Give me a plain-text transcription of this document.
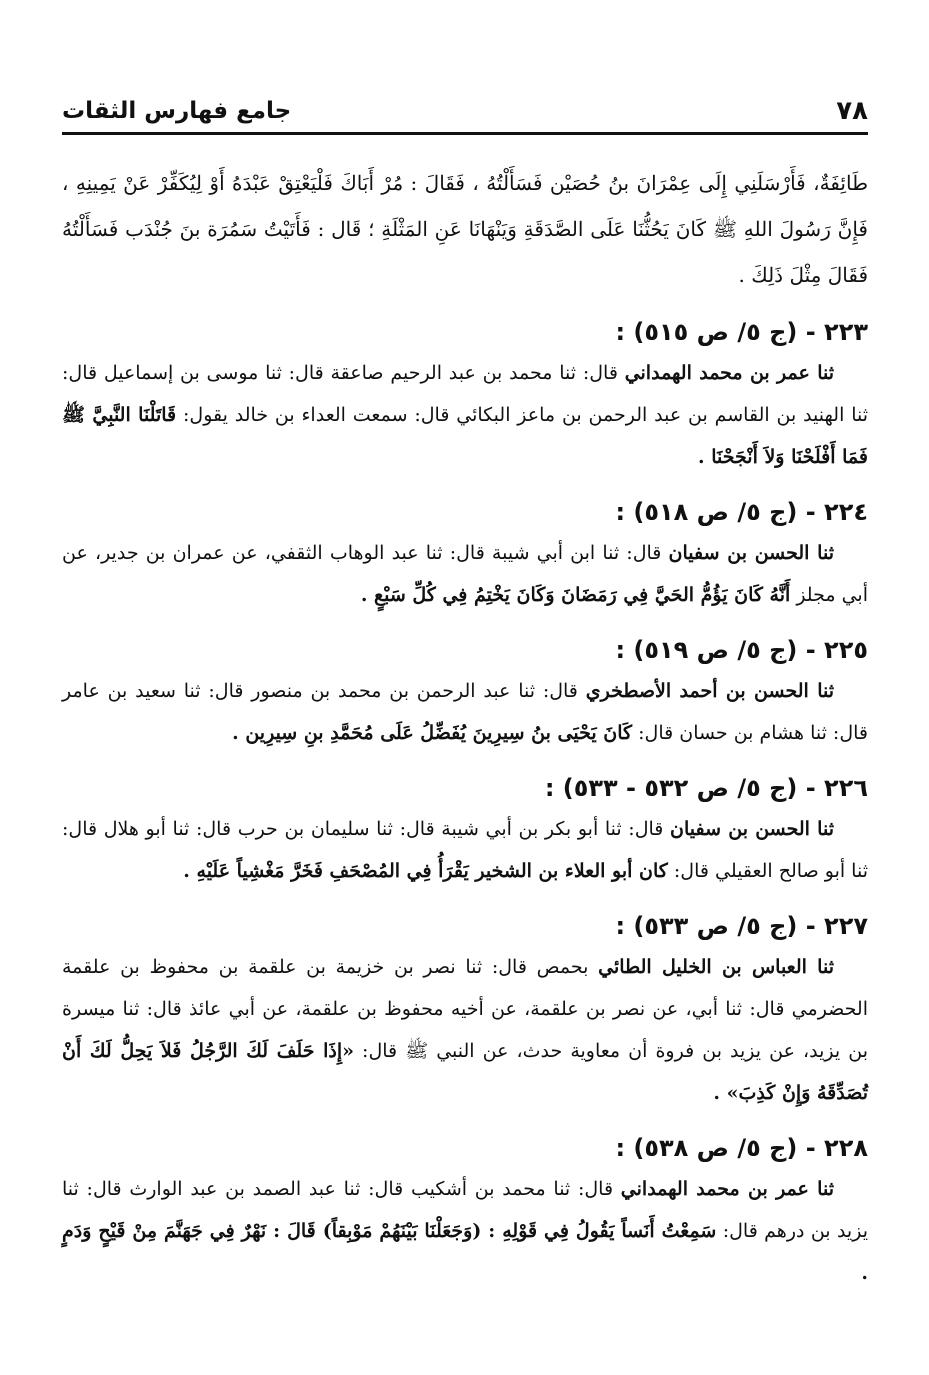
٧٨
جامع فهارس الثقات

طَائِفَةٌ، فَأَرْسَلَنِي إِلَى عِمْرَانَ بنُ حُصَيْن فَسَأَلْتُهُ ، فَقَالَ : مُرْ أَبَاكَ فَلْيَعْتِقْ عَبْدَهُ أَوْ لِيُكَفِّرْ عَنْ يَمِينِهِ ، فَإِنَّ رَسُولَ اللهِ ﷺ كَانَ يَحُثُّنَا عَلَى الصَّدَقَةِ وَيَنْهَانَا عَنِ المَثْلَةِ ؛ قَال : فَأَتَيْتُ سَمُرَة بنَ جُنْدَب فَسَأَلْتُهُ فَقَالَ مِثْلَ ذَلِكَ .

٢٢٣ - (ج ٥/ ص ٥١٥) :

ثنا عمر بن محمد الهمداني قال: ثنا محمد بن عبد الرحيم صاعقة قال: ثنا موسى بن إسماعيل قال: ثنا الهنيد بن القاسم بن عبد الرحمن بن ماعز البكائي قال: سمعت العداء بن خالد يقول: قَاتَلْنَا النَّبِيَّ ﷺ فَمَا أَفْلَحْنَا وَلاَ أَنْجَحْنَا .

٢٢٤ - (ج ٥/ ص ٥١٨) :

ثنا الحسن بن سفيان قال: ثنا ابن أبي شيبة قال: ثنا عبد الوهاب الثقفي، عن عمران بن جدير، عن أبي مجلز أَنَّهُ كَانَ يَؤُمُّ الحَيَّ فِي رَمَضَانَ وَكَانَ يَخْتِمُ فِي كُلِّ سَبْعٍ .

٢٢٥ - (ج ٥/ ص ٥١٩) :

ثنا الحسن بن أحمد الأصطخري قال: ثنا عبد الرحمن بن محمد بن منصور قال: ثنا سعيد بن عامر قال: ثنا هشام بن حسان قال: كَانَ يَحْيَى بنُ سِيرِينَ يُفَضِّلُ عَلَى مُحَمَّدِ بنِ سِيرِين .

٢٢٦ - (ج ٥/ ص ٥٣٢ - ٥٣٣) :

ثنا الحسن بن سفيان قال: ثنا أبو بكر بن أبي شيبة قال: ثنا سليمان بن حرب قال: ثنا أبو هلال قال: ثنا أبو صالح العقيلي قال: كان أبو العلاء بن الشخير يَقْرَأُ فِي المُصْحَفِ فَخَرَّ مَغْشِياً عَلَيْهِ .

٢٢٧ - (ج ٥/ ص ٥٣٣) :

ثنا العباس بن الخليل الطائي بحمص قال: ثنا نصر بن خزيمة بن علقمة بن محفوظ بن علقمة الحضرمي قال: ثنا أبي، عن نصر بن علقمة، عن أخيه محفوظ بن علقمة، عن أبي عائذ قال: ثنا ميسرة بن يزيد، عن يزيد بن فروة أن معاوية حدث، عن النبي ﷺ قال: «إِذَا حَلَفَ لَكَ الرَّجُلُ فَلاَ يَحِلُّ لَكَ أَنْ تُصَدِّقَهُ وَإِنْ كَذِبَ» .

٢٢٨ - (ج ٥/ ص ٥٣٨) :

ثنا عمر بن محمد الهمداني قال: ثنا محمد بن أشكيب قال: ثنا عبد الصمد بن عبد الوارث قال: ثنا يزيد بن درهم قال: سَمِعْتُ أَنَساً يَقُولُ فِي قَوْلِهِ : (وَجَعَلْنَا بَيْنَهُمْ مَوْبِقاً) قَالَ : نَهْرٌ فِي جَهَنَّمَ مِنْ قَيْحٍ وَدَمٍ .
